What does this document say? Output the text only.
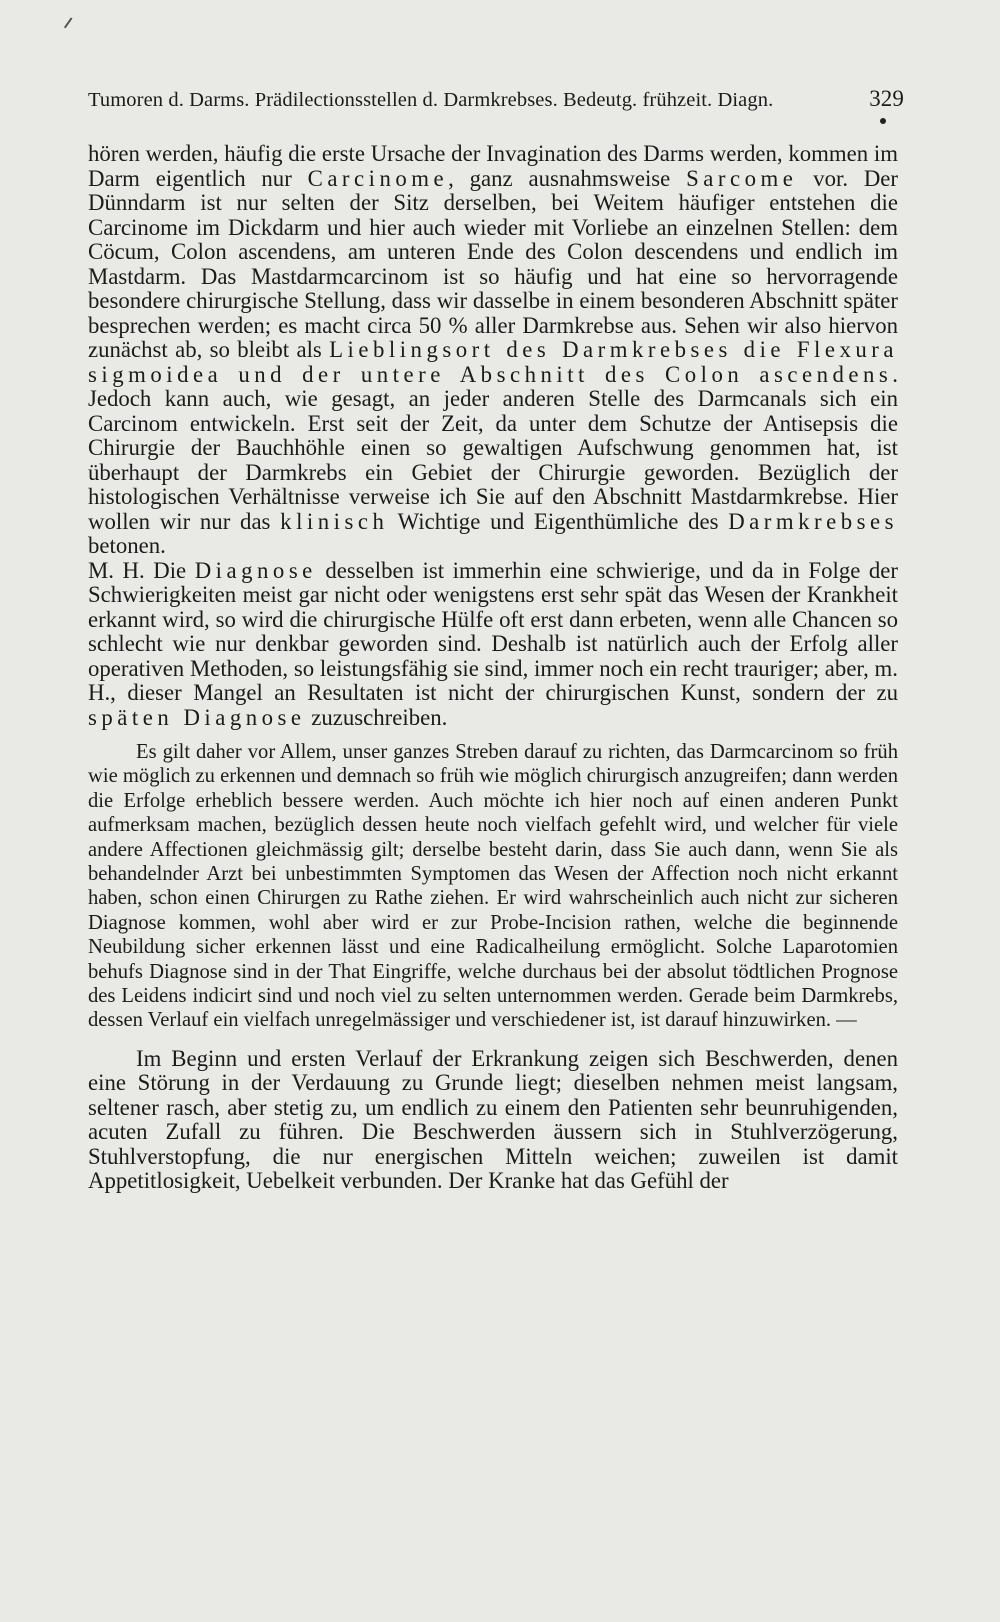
Tumoren d. Darms. Prädilectionsstellen d. Darmkrebses. Bedeutg. frühzeit. Diagn.	329

hören werden, häufig die erste Ursache der Invagination des Darms werden, kommen im Darm eigentlich nur Carcinome, ganz ausnahmsweise Sarcome vor. Der Dünndarm ist nur selten der Sitz derselben, bei Weitem häufiger entstehen die Carcinome im Dickdarm und hier auch wieder mit Vorliebe an einzelnen Stellen: dem Cöcum, Colon ascendens, am unteren Ende des Colon descendens und endlich im Mastdarm. Das Mastdarmcarcinom ist so häufig und hat eine so hervorragende besondere chirurgische Stellung, dass wir dasselbe in einem besonderen Abschnitt später besprechen werden; es macht circa 50 % aller Darmkrebse aus. Sehen wir also hiervon zunächst ab, so bleibt als Lieblingsort des Darmkrebses die Flexura sigmoidea und der untere Abschnitt des Colon ascendens. Jedoch kann auch, wie gesagt, an jeder anderen Stelle des Darmcanals sich ein Carcinom entwickeln. Erst seit der Zeit, da unter dem Schutze der Antisepsis die Chirurgie der Bauchhöhle einen so gewaltigen Aufschwung genommen hat, ist überhaupt der Darmkrebs ein Gebiet der Chirurgie geworden. Bezüglich der histologischen Verhältnisse verweise ich Sie auf den Abschnitt Mastdarmkrebse. Hier wollen wir nur das klinisch Wichtige und Eigenthümliche des Darmkrebses betonen.

M. H. Die Diagnose desselben ist immerhin eine schwierige, und da in Folge der Schwierigkeiten meist gar nicht oder wenigstens erst sehr spät das Wesen der Krankheit erkannt wird, so wird die chirurgische Hülfe oft erst dann erbeten, wenn alle Chancen so schlecht wie nur denkbar geworden sind. Deshalb ist natürlich auch der Erfolg aller operativen Methoden, so leistungsfähig sie sind, immer noch ein recht trauriger; aber, m. H., dieser Mangel an Resultaten ist nicht der chirurgischen Kunst, sondern der zu späten Diagnose zuzuschreiben.

Es gilt daher vor Allem, unser ganzes Streben darauf zu richten, das Darmcarcinom so früh wie möglich zu erkennen und demnach so früh wie möglich chirurgisch anzugreifen; dann werden die Erfolge erheblich bessere werden. Auch möchte ich hier noch auf einen anderen Punkt aufmerksam machen, bezüglich dessen heute noch vielfach gefehlt wird, und welcher für viele andere Affectionen gleichmässig gilt; derselbe besteht darin, dass Sie auch dann, wenn Sie als behandelnder Arzt bei unbestimmten Symptomen das Wesen der Affection noch nicht erkannt haben, schon einen Chirurgen zu Rathe ziehen. Er wird wahrscheinlich auch nicht zur sicheren Diagnose kommen, wohl aber wird er zur Probe-Incision rathen, welche die beginnende Neubildung sicher erkennen lässt und eine Radicalheilung ermöglicht. Solche Laparotomien behufs Diagnose sind in der That Eingriffe, welche durchaus bei der absolut tödtlichen Prognose des Leidens indicirt sind und noch viel zu selten unternommen werden. Gerade beim Darmkrebs, dessen Verlauf ein vielfach unregelmässiger und verschiedener ist, ist darauf hinzuwirken. —

Im Beginn und ersten Verlauf der Erkrankung zeigen sich Beschwerden, denen eine Störung in der Verdauung zu Grunde liegt; dieselben nehmen meist langsam, seltener rasch, aber stetig zu, um endlich zu einem den Patienten sehr beunruhigenden, acuten Zufall zu führen. Die Beschwerden äussern sich in Stuhlverzögerung, Stuhlverstopfung, die nur energischen Mitteln weichen; zuweilen ist damit Appetitlosigkeit, Uebelkeit verbunden. Der Kranke hat das Gefühl der
